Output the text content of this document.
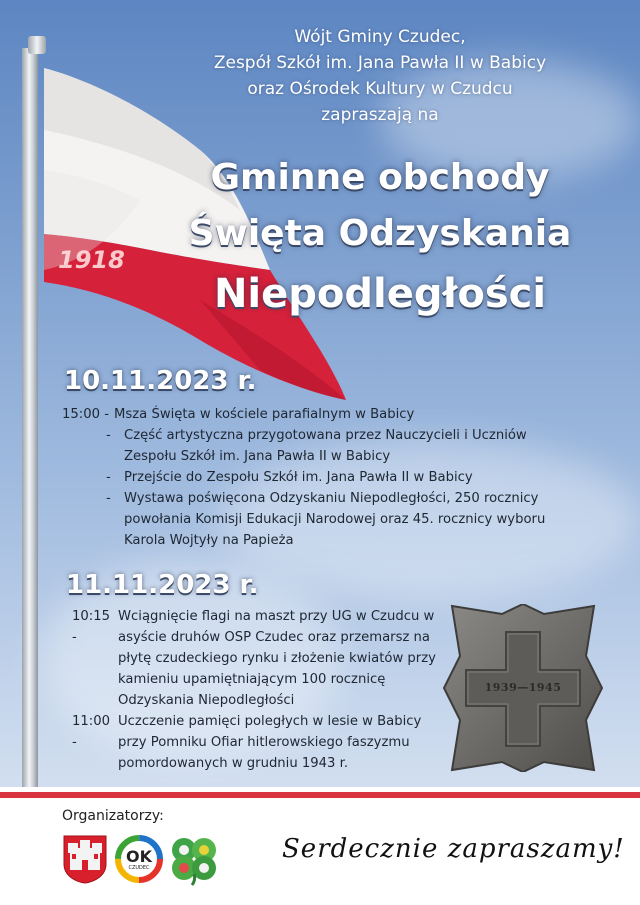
1918
Wójt Gminy Czudec,
Zespół Szkół im. Jana Pawła II w Babicy
oraz Ośrodek Kultury w Czudcu
zapraszają na
Gminne obchody
Święta Odzyskania
Niepodległości
10.11.2023 r.
15:00 - Msza Święta w kościele parafialnym w Babicy
-	Część artystyczna przygotowana przez Nauczycieli i Uczniów Zespołu Szkół im. Jana Pawła II w Babicy
-	Przejście do Zespołu Szkół im. Jana Pawła II w Babicy
-	Wystawa poświęcona Odzyskaniu Niepodległości, 250 rocznicy powołania Komisji Edukacji Narodowej oraz 45. rocznicy wyboru Karola Wojtyły na Papieża
11.11.2023 r.
10:15 -
Wciągnięcie flagi na maszt przy UG w Czudcu w asyście druhów OSP Czudec oraz przemarsz na płytę czudeckiego rynku i złożenie kwiatów przy kamieniu upamiętniającym 100 rocznicę Odzyskania Niepodległości
11:00 -
Uczczenie pamięci poległych w lesie w Babicy przy Pomniku Ofiar hitlerowskiego faszyzmu pomordowanych w grudniu 1943 r.
1939—1945
Organizatorzy:
OK
CZUDEC
Serdecznie zapraszamy!
